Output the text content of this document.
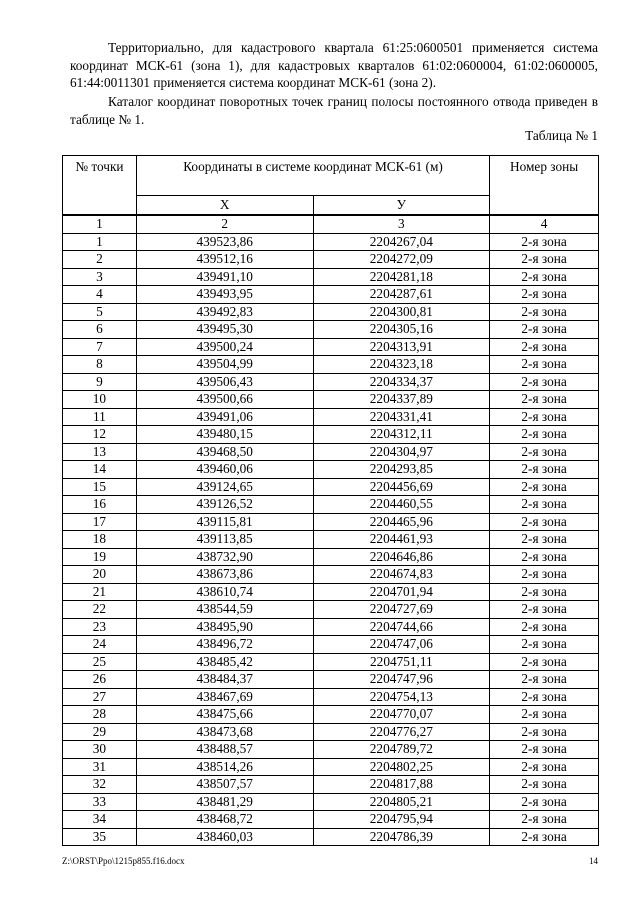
Территориально, для кадастрового квартала 61:25:0600501 применяется система координат МСК-61 (зона 1), для кадастровых кварталов 61:02:0600004, 61:02:0600005, 61:44:0011301 применяется система координат МСК-61 (зона 2).

Каталог координат поворотных точек границ полосы постоянного отвода приведен в таблице № 1.

Таблица № 1
№ точки	Координаты в системе координат МСК-61 (м)		Номер зоны
	Х	У	
1	2	3	4
1	439523,86	2204267,04	2-я зона
2	439512,16	2204272,09	2-я зона
3	439491,10	2204281,18	2-я зона
4	439493,95	2204287,61	2-я зона
5	439492,83	2204300,81	2-я зона
6	439495,30	2204305,16	2-я зона
7	439500,24	2204313,91	2-я зона
8	439504,99	2204323,18	2-я зона
9	439506,43	2204334,37	2-я зона
10	439500,66	2204337,89	2-я зона
11	439491,06	2204331,41	2-я зона
12	439480,15	2204312,11	2-я зона
13	439468,50	2204304,97	2-я зона
14	439460,06	2204293,85	2-я зона
15	439124,65	2204456,69	2-я зона
16	439126,52	2204460,55	2-я зона
17	439115,81	2204465,96	2-я зона
18	439113,85	2204461,93	2-я зона
19	438732,90	2204646,86	2-я зона
20	438673,86	2204674,83	2-я зона
21	438610,74	2204701,94	2-я зона
22	438544,59	2204727,69	2-я зона
23	438495,90	2204744,66	2-я зона
24	438496,72	2204747,06	2-я зона
25	438485,42	2204751,11	2-я зона
26	438484,37	2204747,96	2-я зона
27	438467,69	2204754,13	2-я зона
28	438475,66	2204770,07	2-я зона
29	438473,68	2204776,27	2-я зона
30	438488,57	2204789,72	2-я зона
31	438514,26	2204802,25	2-я зона
32	438507,57	2204817,88	2-я зона
33	438481,29	2204805,21	2-я зона
34	438468,72	2204795,94	2-я зона
35	438460,03	2204786,39	2-я зона
Z:\ORST\Ppo\1215p855.f16.docx	14
